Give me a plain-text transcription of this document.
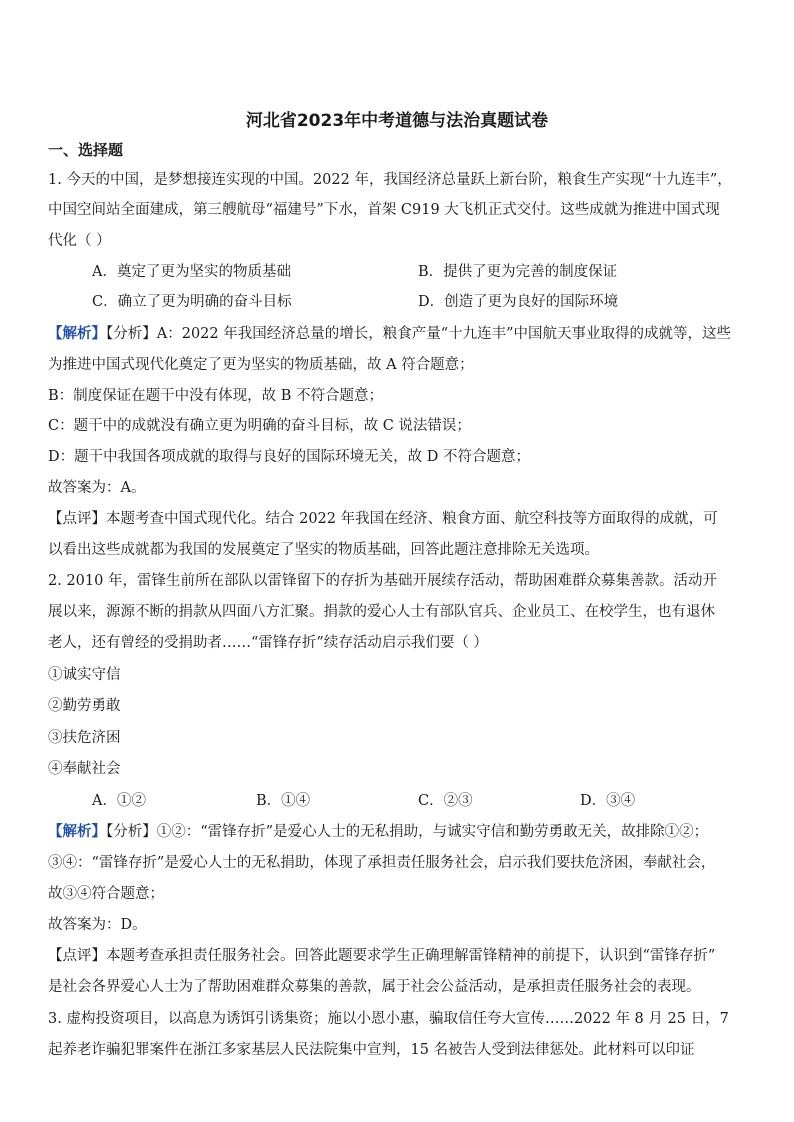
河北省2023年中考道德与法治真题试卷
一、选择题
1. 今天的中国，是梦想接连实现的中国。2022 年，我国经济总量跃上新台阶，粮食生产实现“十九连丰”，
中国空间站全面建成，第三艘航母“福建号”下水，首架 C919 大飞机正式交付。这些成就为推进中国式现
代化（ ）
A．奠定了更为坚实的物质基础	B．提供了更为完善的制度保证
C．确立了更为明确的奋斗目标	D．创造了更为良好的国际环境
【解析】【分析】A：2022 年我国经济总量的增长，粮食产量“十九连丰”中国航天事业取得的成就等，这些
为推进中国式现代化奠定了更为坚实的物质基础，故 A 符合题意；
B：制度保证在题干中没有体现，故 B 不符合题意；
C：题干中的成就没有确立更为明确的奋斗目标，故 C 说法错误；
D：题干中我国各项成就的取得与良好的国际环境无关，故 D 不符合题意；
故答案为：A。
【点评】本题考查中国式现代化。结合 2022 年我国在经济、粮食方面、航空科技等方面取得的成就，可
以看出这些成就都为我国的发展奠定了坚实的物质基础，回答此题注意排除无关选项。
2. 2010 年，雷锋生前所在部队以雷锋留下的存折为基础开展续存活动，帮助困难群众募集善款。活动开
展以来，源源不断的捐款从四面八方汇聚。捐款的爱心人士有部队官兵、企业员工、在校学生，也有退休
老人，还有曾经的受捐助者……“雷锋存折”续存活动启示我们要（ ）
①诚实守信
②勤劳勇敢
③扶危济困
④奉献社会
A．①②	B．①④	C．②③	D．③④
【解析】【分析】①②：“雷锋存折”是爱心人士的无私捐助，与诚实守信和勤劳勇敢无关，故排除①②；
③④：“雷锋存折”是爱心人士的无私捐助，体现了承担责任服务社会，启示我们要扶危济困，奉献社会，
故③④符合题意；
故答案为：D。
【点评】本题考查承担责任服务社会。回答此题要求学生正确理解雷锋精神的前提下，认识到“雷锋存折”
是社会各界爱心人士为了帮助困难群众募集的善款，属于社会公益活动，是承担责任服务社会的表现。
3. 虚构投资项目，以高息为诱饵引诱集资；施以小恩小惠，骗取信任夸大宣传……2022 年 8 月 25 日，7
起养老诈骗犯罪案件在浙江多家基层人民法院集中宣判，15 名被告人受到法律惩处。此材料可以印证
